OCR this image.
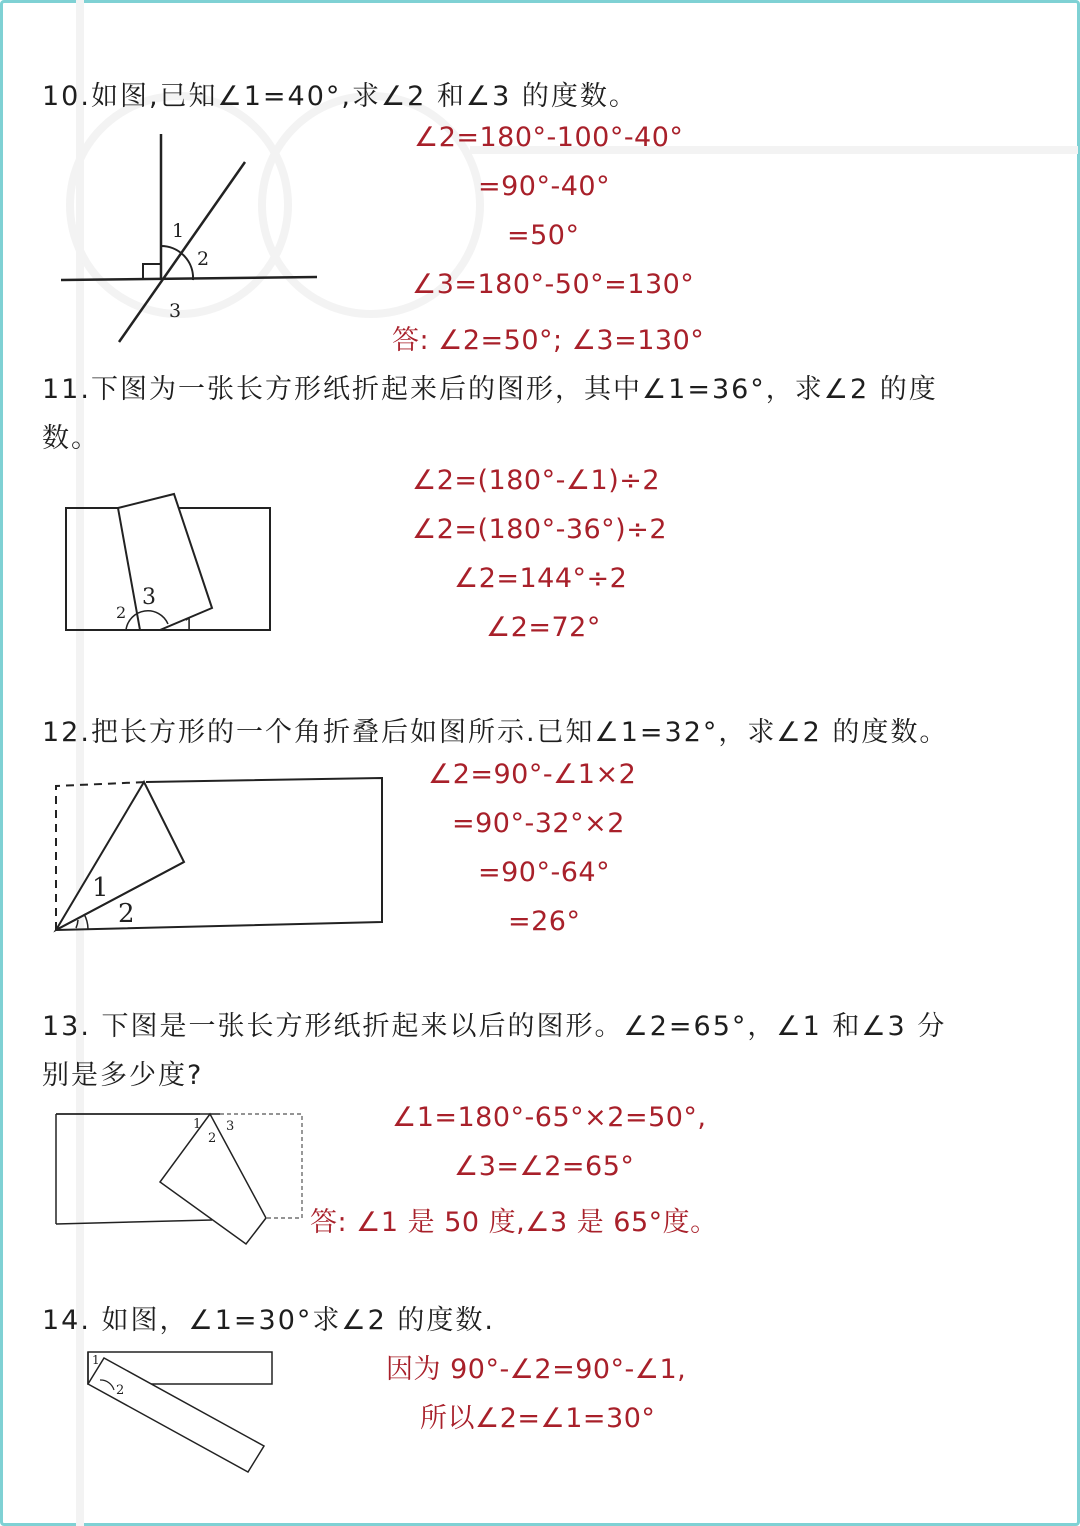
10.如图,已知∠1=40°,求∠2 和∠3 的度数。
1
2
3
∠2=180°-100°-40°
=90°-40°
=50°
∠3=180°-50°=130°
答: ∠2=50°; ∠3=130°
11.下图为一张长方形纸折起来后的图形，其中∠1=36°，求∠2 的度
数。
2
3
1
∠2=(180°-∠1)÷2
∠2=(180°-36°)÷2
∠2=144°÷2
∠2=72°
12.把长方形的一个角折叠后如图所示.已知∠1=32°，求∠2 的度数。
1
2
∠2=90°-∠1×2
=90°-32°×2
=90°-64°
=26°
13. 下图是一张长方形纸折起来以后的图形。∠2=65°，∠1 和∠3 分
别是多少度?
1
2
3	∠1=180°-65°×2=50°,
∠3=∠2=65°
答: ∠1 是 50 度,∠3 是 65°度。
14. 如图，∠1=30°求∠2 的度数.
1
2
因为 90°-∠2=90°-∠1,
所以∠2=∠1=30°
